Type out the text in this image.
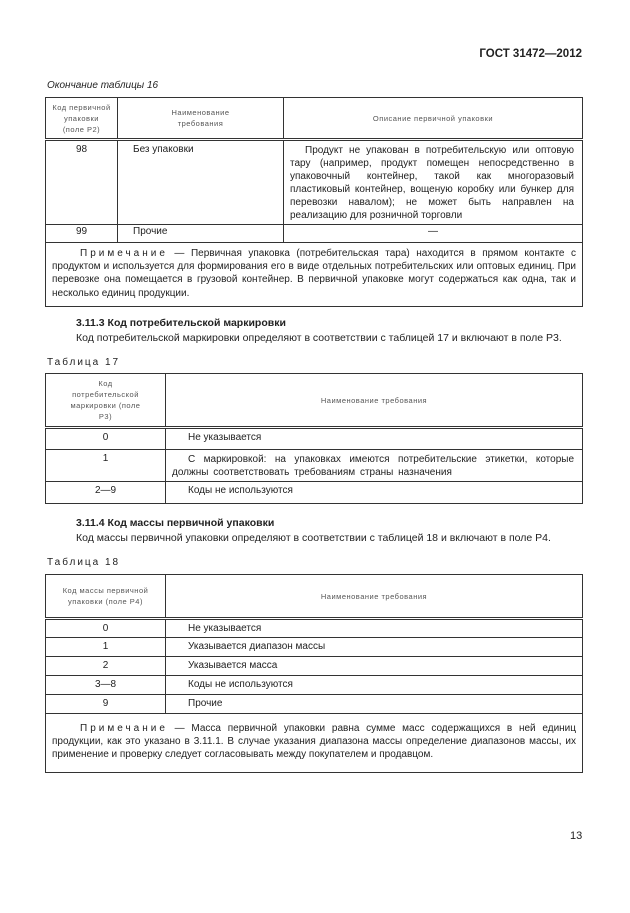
ГОСТ 31472—2012
Окончание таблицы 16
Код первичной упаковки (поле Р2)	Наименование требования	Описание первичной упаковки
98	Без упаковки	Продукт не упакован в потребительскую или оптовую тару (например, продукт помещен непосредственно в упаковочный контейнер, такой как многоразовый пластиковый контейнер, вощеную коробку или бункер для перевозки навалом); не может быть направлен на реализацию для розничной торговли
99	Прочие	—
Примечание — Первичная упаковка (потребительская тара) находится в прямом контакте с продуктом и используется для формирования его в виде отдельных потребительских или оптовых единиц. При перевозке она помещается в грузовой контейнер. В первичной упаковке могут содержаться как одна, так и несколько единиц продукции.		
3.11.3 Код потребительской маркировки
Код потребительской маркировки определяют в соответствии с таблицей 17 и включают в поле Р3.
Таблица 17
Код потребительской маркировки (поле Р3)	Наименование требования
0	Не указывается
1	С маркировкой: на упаковках имеются потребительские этикетки, которые должны соответствовать требованиям страны назначения
2—9	Коды не используются
3.11.4 Код массы первичной упаковки
Код массы первичной упаковки определяют в соответствии с таблицей 18 и включают в поле Р4.
Таблица 18
Код массы первичной упаковки (поле Р4)	Наименование требования
0	Не указывается
1	Указывается диапазон массы
2	Указывается масса
3—8	Коды не используются
9	Прочие
Примечание — Масса первичной упаковки равна сумме масс содержащихся в ней единиц продукции, как это указано в 3.11.1. В случае указания диапазона массы определение диапазонов массы, их применение и проверку следует согласовывать между покупателем и продавцом.	
13
